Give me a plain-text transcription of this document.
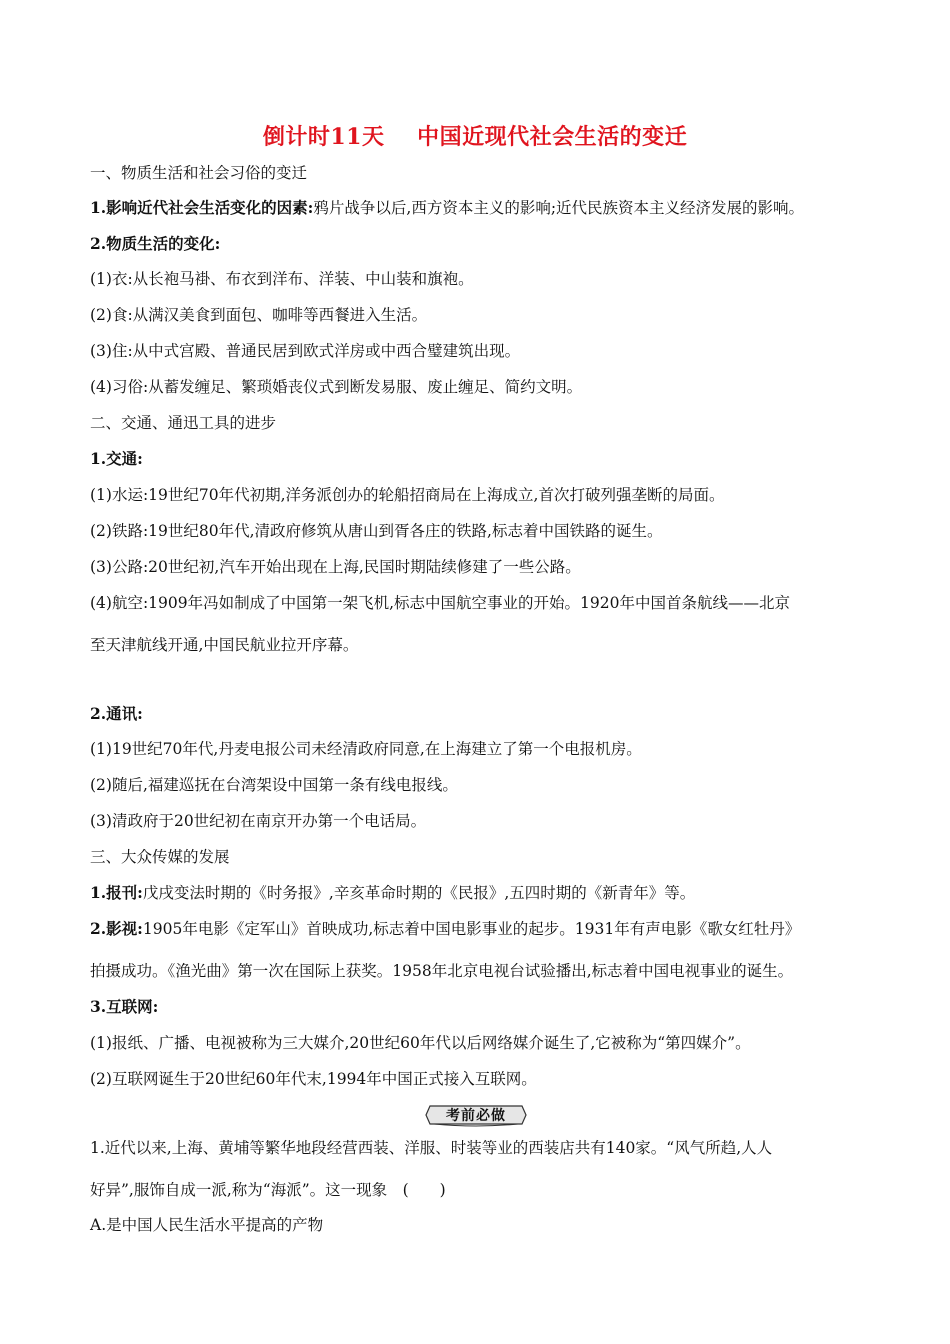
倒计时11天    中国近现代社会生活的变迁
一、物质生活和社会习俗的变迁
1.影响近代社会生活变化的因素:鸦片战争以后,西方资本主义的影响;近代民族资本主义经济发展的影响。
2.物质生活的变化:
(1)衣:从长袍马褂、布衣到洋布、洋装、中山装和旗袍。
(2)食:从满汉美食到面包、咖啡等西餐进入生活。
(3)住:从中式宫殿、普通民居到欧式洋房或中西合璧建筑出现。
(4)习俗:从蓄发缠足、繁琐婚丧仪式到断发易服、废止缠足、简约文明。
二、交通、通迅工具的进步
1.交通:
(1)水运:19世纪70年代初期,洋务派创办的轮船招商局在上海成立,首次打破列强垄断的局面。
(2)铁路:19世纪80年代,清政府修筑从唐山到胥各庄的铁路,标志着中国铁路的诞生。
(3)公路:20世纪初,汽车开始出现在上海,民国时期陆续修建了一些公路。
(4)航空:1909年冯如制成了中国第一架飞机,标志中国航空事业的开始。1920年中国首条航线——北京
至天津航线开通,中国民航业拉开序幕。
2.通讯:
(1)19世纪70年代,丹麦电报公司未经清政府同意,在上海建立了第一个电报机房。
(2)随后,福建巡抚在台湾架设中国第一条有线电报线。
(3)清政府于20世纪初在南京开办第一个电话局。
三、大众传媒的发展
1.报刊:戊戌变法时期的《时务报》,辛亥革命时期的《民报》,五四时期的《新青年》等。
2.影视:1905年电影《定军山》首映成功,标志着中国电影事业的起步。1931年有声电影《歌女红牡丹》
拍摄成功。《渔光曲》第一次在国际上获奖。1958年北京电视台试验播出,标志着中国电视事业的诞生。
3.互联网:
(1)报纸、广播、电视被称为三大媒介,20世纪60年代以后网络媒介诞生了,它被称为“第四媒介”。
(2)互联网诞生于20世纪60年代末,1994年中国正式接入互联网。
考前必做
1.近代以来,上海、黄埔等繁华地段经营西装、洋服、时装等业的西装店共有140家。“风气所趋,人人
好异”,服饰自成一派,称为“海派”。这一现象　(　　)
A.是中国人民生活水平提高的产物
